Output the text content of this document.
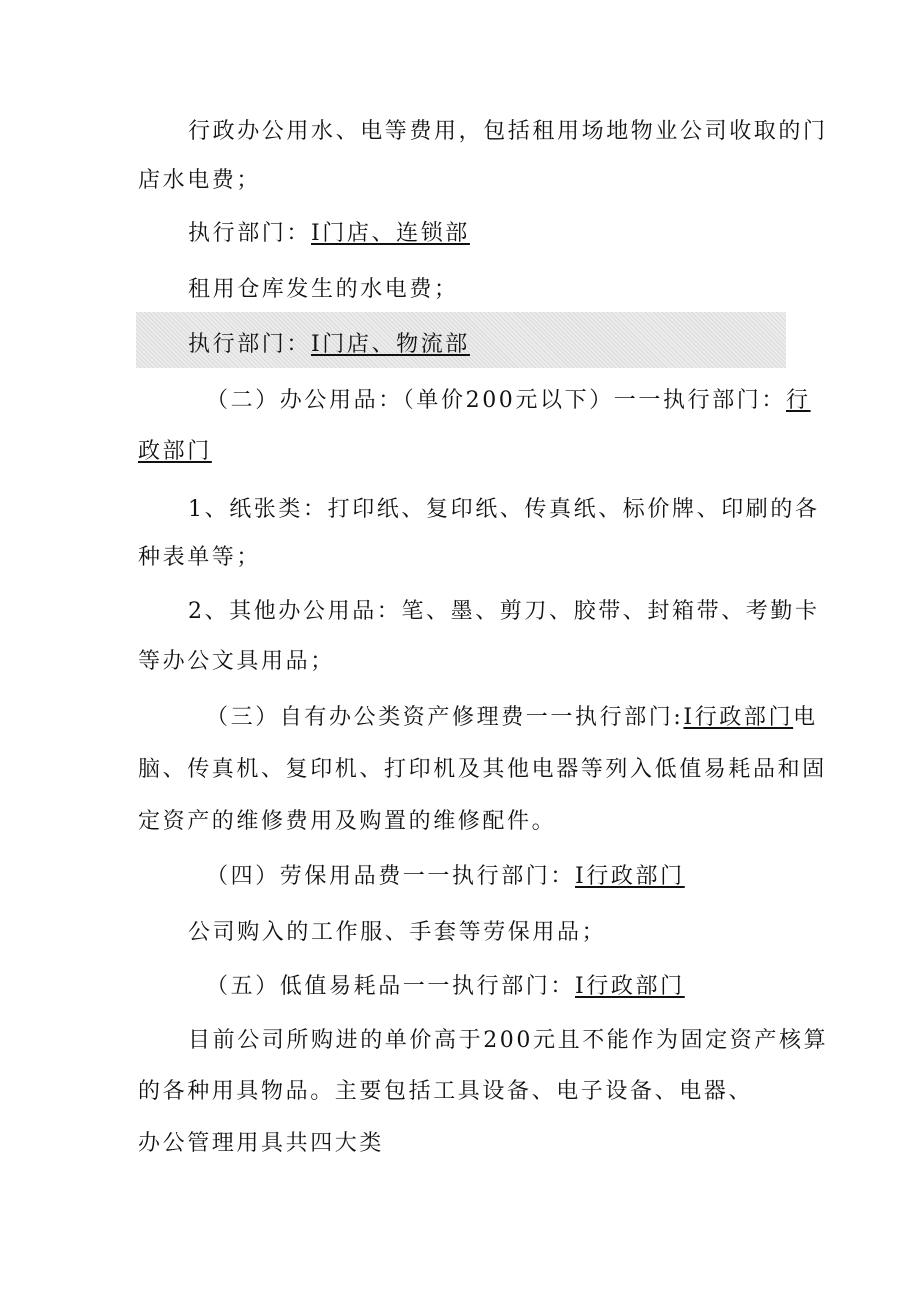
行政办公用水、电等费用，包括租用场地物业公司收取的门
店水电费；
执行部门：I门店、连锁部
租用仓库发生的水电费；
执行部门：I门店、物流部
（二）办公用品：（单价200元以下）一一执行部门：行
政部门
1、纸张类：打印纸、复印纸、传真纸、标价牌、印刷的各
种表单等；
2、其他办公用品：笔、墨、剪刀、胶带、封箱带、考勤卡
等办公文具用品；
（三）自有办公类资产修理费一一执行部门:I行政部门电
脑、传真机、复印机、打印机及其他电器等列入低值易耗品和固
定资产的维修费用及购置的维修配件。
（四）劳保用品费一一执行部门：I行政部门
公司购入的工作服、手套等劳保用品；
（五）低值易耗品一一执行部门：I行政部门
目前公司所购进的单价高于200元且不能作为固定资产核算
的各种用具物品。主要包括工具设备、电子设备、电器、
办公管理用具共四大类
